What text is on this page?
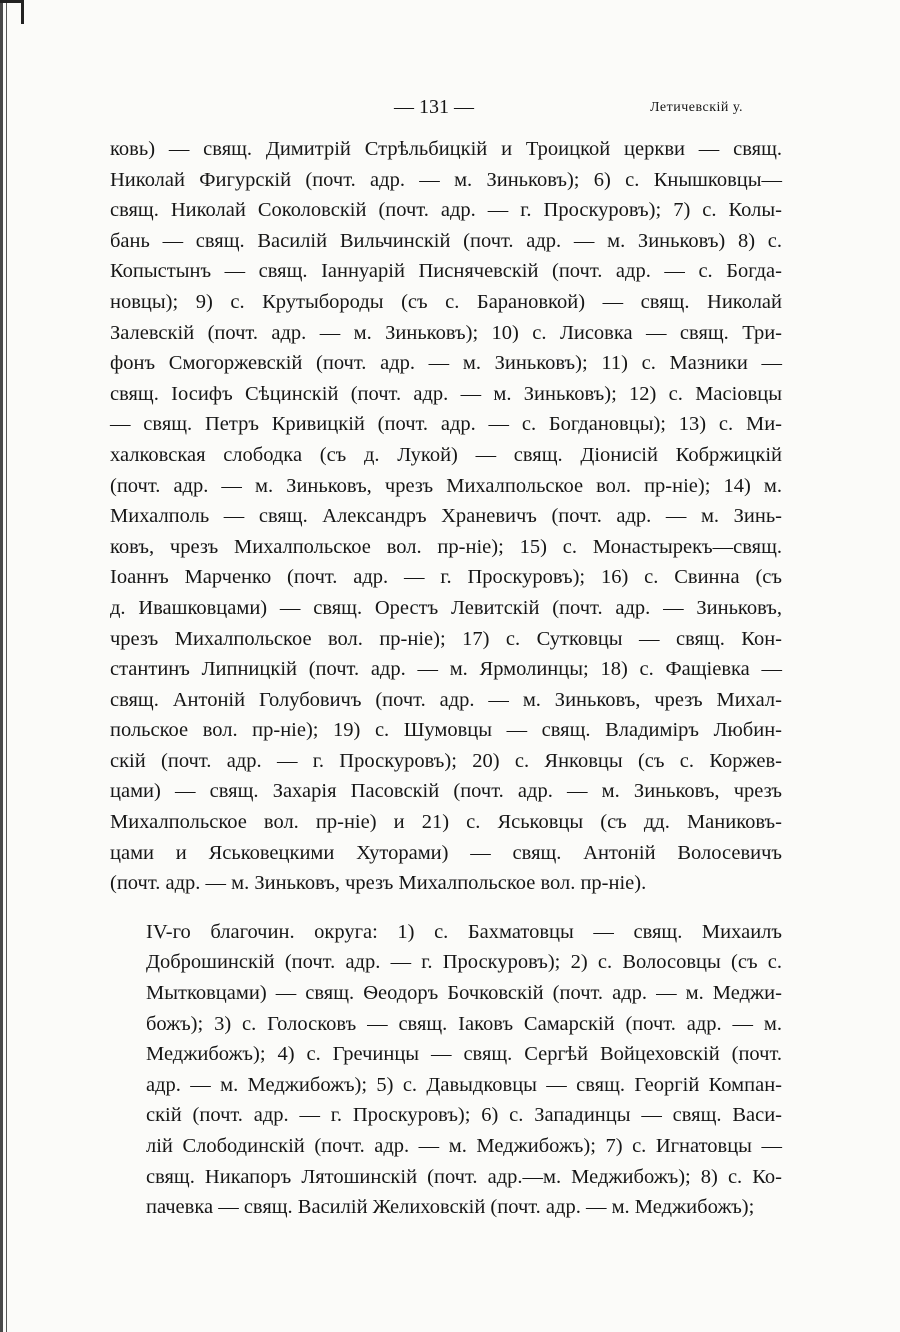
— 131 —	Летичевскій у.

ковь) — свящ. Димитрій Стрѣльбицкій и Троицкой церкви — свящ.
Николай Фигурскій (почт. адр. — м. Зиньковъ); 6) с. Кнышковцы—
свящ. Николай Соколовскій (почт. адр. — г. Проскуровъ); 7) с. Колы-
бань — свящ. Василій Вильчинскій (почт. адр. — м. Зиньковъ) 8) с.
Копыстынъ — свящ. Іаннуарій Писнячевскій (почт. адр. — с. Богда-
новцы); 9) с. Крутыбороды (съ с. Барановкой) — свящ. Николай
Залевскій (почт. адр. — м. Зиньковъ); 10) с. Лисовка — свящ. Три-
фонъ Смогоржевскій (почт. адр. — м. Зиньковъ); 11) с. Мазники —
свящ. Іосифъ Сѣцинскій (почт. адр. — м. Зиньковъ); 12) с. Масіовцы
— свящ. Петръ Кривицкій (почт. адр. — с. Богдановцы); 13) с. Ми-
халковская слободка (съ д. Лукой) — свящ. Діонисій Кобржицкій
(почт. адр. — м. Зиньковъ, чрезъ Михалпольское вол. пр-ніе); 14) м.
Михалполь — свящ. Александръ Храневичъ (почт. адр. — м. Зинь-
ковъ, чрезъ Михалпольское вол. пр-ніе); 15) с. Монастырекъ—свящ.
Іоаннъ Марченко (почт. адр. — г. Проскуровъ); 16) с. Свинна (съ
д. Ивашковцами) — свящ. Орестъ Левитскій (почт. адр. — Зиньковъ,
чрезъ Михалпольское вол. пр-ніе); 17) с. Сутковцы — свящ. Кон-
стантинъ Липницкій (почт. адр. — м. Ярмолинцы; 18) с. Фащіевка —
свящ. Антоній Голубовичъ (почт. адр. — м. Зиньковъ, чрезъ Михал-
польское вол. пр-ніе); 19) с. Шумовцы — свящ. Владиміръ Любин-
скій (почт. адр. — г. Проскуровъ); 20) с. Янковцы (съ с. Коржев-
цами) — свящ. Захарія Пасовскій (почт. адр. — м. Зиньковъ, чрезъ
Михалпольское вол. пр-ніе) и 21) с. Яськовцы (съ дд. Маниковъ-
цами и Яськовецкими Хуторами) — свящ. Антоній Волосевичъ
(почт. адр. — м. Зиньковъ, чрезъ Михалпольское вол. пр-ніе).

IV-го благочин. округа: 1) с. Бахматовцы — свящ. Михаилъ
Доброшинскій (почт. адр. — г. Проскуровъ); 2) с. Волосовцы (съ с.
Мытковцами) — свящ. Ѳеодоръ Бочковскій (почт. адр. — м. Меджи-
божъ); 3) с. Голосковъ — свящ. Іаковъ Самарскій (почт. адр. — м.
Меджибожъ); 4) с. Гречинцы — свящ. Сергѣй Войцеховскій (почт.
адр. — м. Меджибожъ); 5) с. Давыдковцы — свящ. Георгій Компан-
скій (почт. адр. — г. Проскуровъ); 6) с. Западинцы — свящ. Васи-
лій Слободинскій (почт. адр. — м. Меджибожъ); 7) с. Игнатовцы —
свящ. Никапоръ Лятошинскій (почт. адр.—м. Меджибожъ); 8) с. Ко-
пачевка — свящ. Василій Желиховскій (почт. адр. — м. Меджибожъ);
